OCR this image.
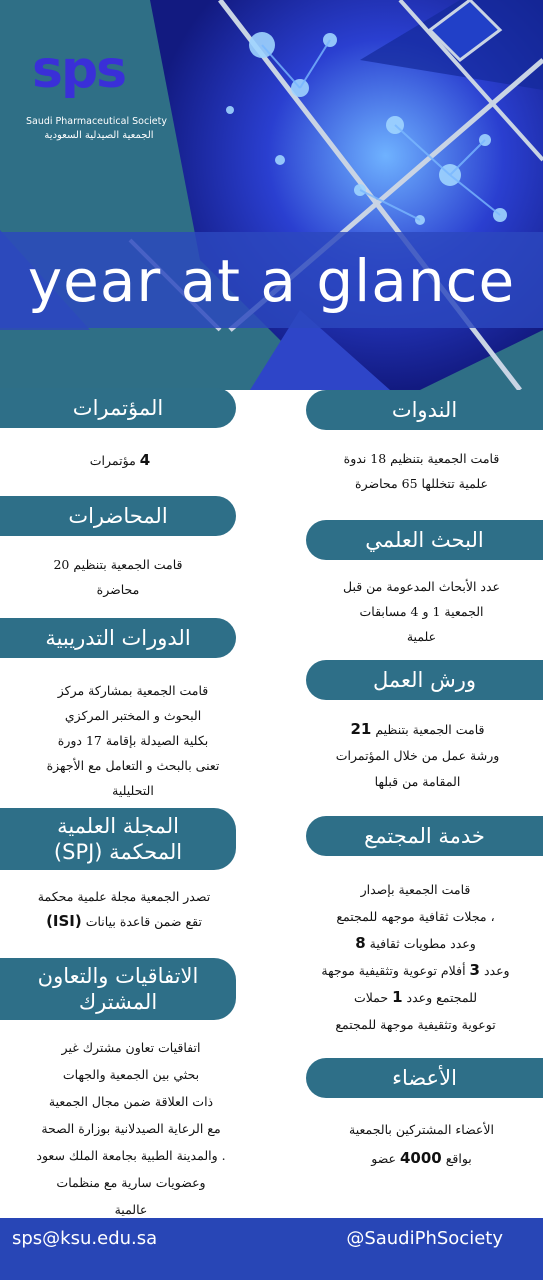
sps
Saudi Pharmaceutical Society
الجمعية الصيدلية السعودية
year at a glance
المؤتمرات
4 مؤتمرات
المحاضرات
قامت الجمعية بتنظيم 20
محاضرة
الدورات التدريبية
قامت الجمعية بمشاركة مركز
البحوث و المختبر المركزي
بكلية الصيدلة بإقامة 17 دورة
تعنى بالبحث و التعامل مع الأجهزة
التحليلية
المجلة العلمية
المحكمة (SPJ)
تصدر الجمعية مجلة علمية محكمة
تقع ضمن قاعدة بيانات (ISI)
الاتفاقيات والتعاون
المشترك
اتفاقيات تعاون مشترك غير
بحثي بين الجمعية والجهات
ذات العلاقة ضمن مجال الجمعية
مع الرعاية الصيدلانية بوزارة الصحة
. والمدينة الطبية بجامعة الملك سعود
وعضويات سارية مع منظمات
عالمية
الندوات
قامت الجمعية بتنظيم 18 ندوة
علمية تتخللها 65 محاضرة
البحث العلمي
عدد الأبحاث المدعومة من قبل
الجمعية 1 و 4 مسابقات
علمية
ورش العمل
قامت الجمعية بتنظيم 21
ورشة عمل من خلال المؤتمرات
المقامة من قبلها
خدمة المجتمع
قامت الجمعية بإصدار
، مجلات ثقافية موجهه للمجتمع
وعدد مطويات ثقافية 8
وعدد 3 أفلام توعوية وتثقيفية موجهة
للمجتمع وعدد 1 حملات
توعوية وتثقيفية موجهة للمجتمع
الأعضاء
الأعضاء المشتركين بالجمعية
بواقع 4000 عضو
sps@ksu.edu.sa	@SaudiPhSociety
